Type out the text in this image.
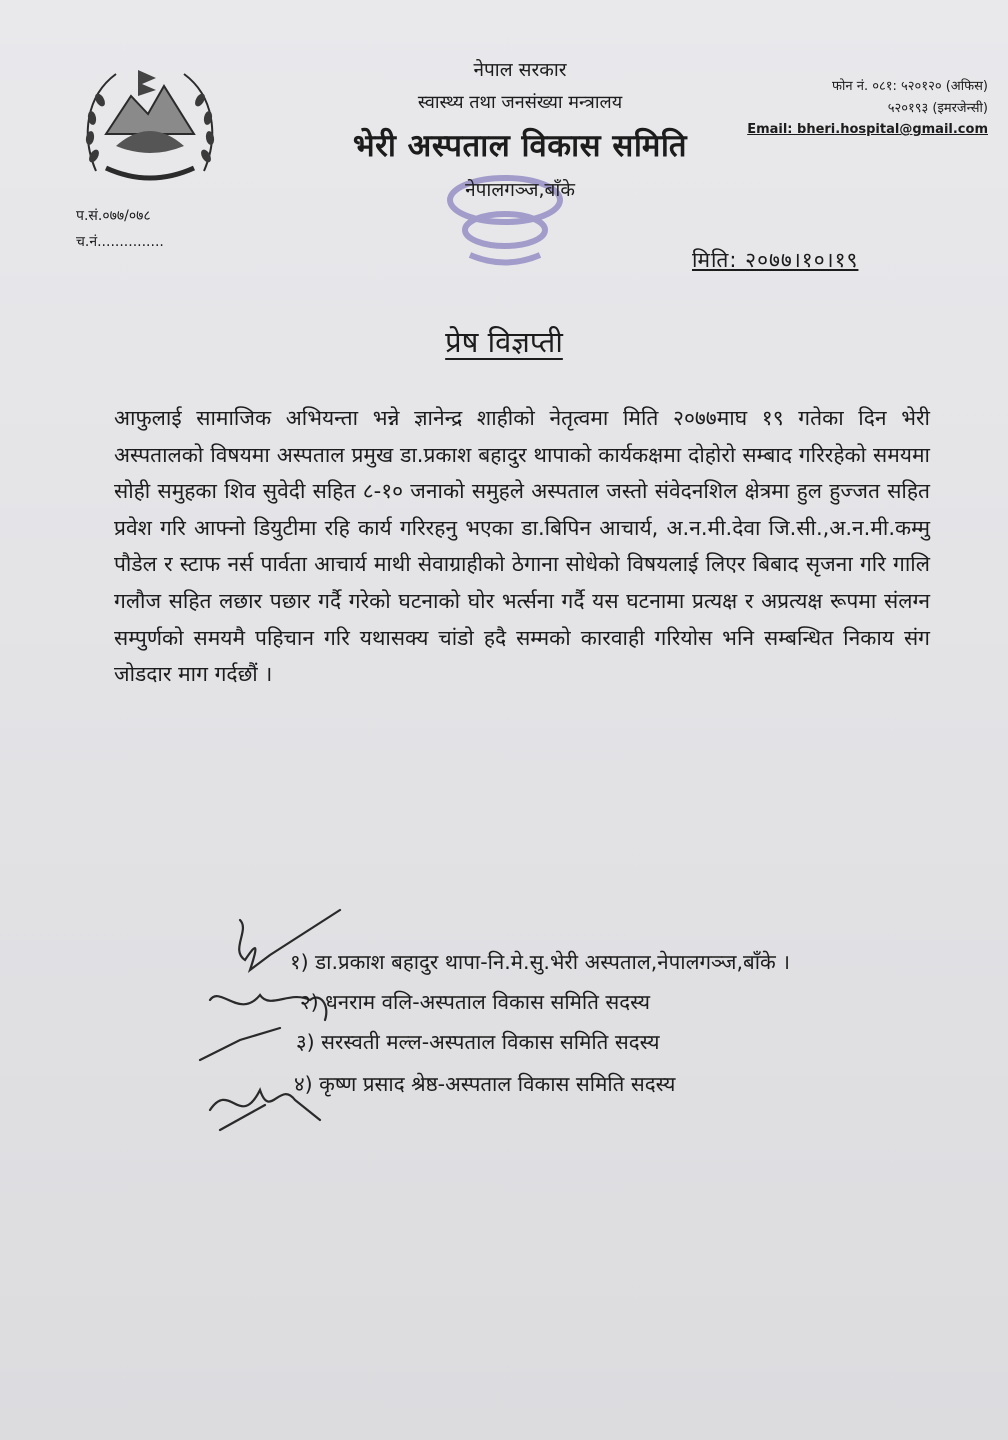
नेपाल सरकार
स्वास्थ्य तथा जनसंख्या मन्त्रालय
भेरी अस्पताल विकास समिति
नेपालगञ्ज,बाँके
फोन नं. ०८१: ५२०१२० (अफिस)
५२०१९३ (इमरजेन्सी)
Email: bheri.hospital@gmail.com
प.सं.०७७/०७८
च.नं...............
मिति: २०७७।१०।१९
प्रेष विज्ञप्ती
आफुलाई सामाजिक अभियन्ता भन्ने ज्ञानेन्द्र शाहीको नेतृत्वमा मिति २०७७माघ १९ गतेका दिन भेरी अस्पतालको विषयमा अस्पताल प्रमुख डा.प्रकाश बहादुर थापाको कार्यकक्षमा दोहोरो सम्बाद गरिरहेको समयमा सोही समुहका शिव सुवेदी सहित ८-१० जनाको समुहले अस्पताल जस्तो संवेदनशिल क्षेत्रमा हुल हुज्जत सहित प्रवेश गरि आफ्नो डियुटीमा रहि कार्य गरिरहनु भएका डा.बिपिन आचार्य, अ.न.मी.देवा जि.सी.,अ.न.मी.कम्मु पौडेल र स्टाफ नर्स पार्वता आचार्य माथी सेवाग्राहीको ठेगाना सोधेको विषयलाई लिएर बिबाद सृजना गरि गालि गलौज सहित लछार पछार गर्दै गरेको घटनाको घोर भर्त्सना गर्दै यस घटनामा प्रत्यक्ष र अप्रत्यक्ष रूपमा संलग्न सम्पुर्णको समयमै पहिचान गरि यथासक्य चांडो हदै सम्मको कारवाही गरियोस भनि सम्बन्धित निकाय संग जोडदार माग गर्दछौं ।
१) डा.प्रकाश बहादुर थापा-नि.मे.सु.भेरी अस्पताल,नेपालगञ्ज,बाँके ।
२) धनराम वलि-अस्पताल विकास समिति सदस्य
३) सरस्वती मल्ल-अस्पताल विकास समिति सदस्य
४) कृष्ण प्रसाद श्रेष्ठ-अस्पताल विकास समिति सदस्य
